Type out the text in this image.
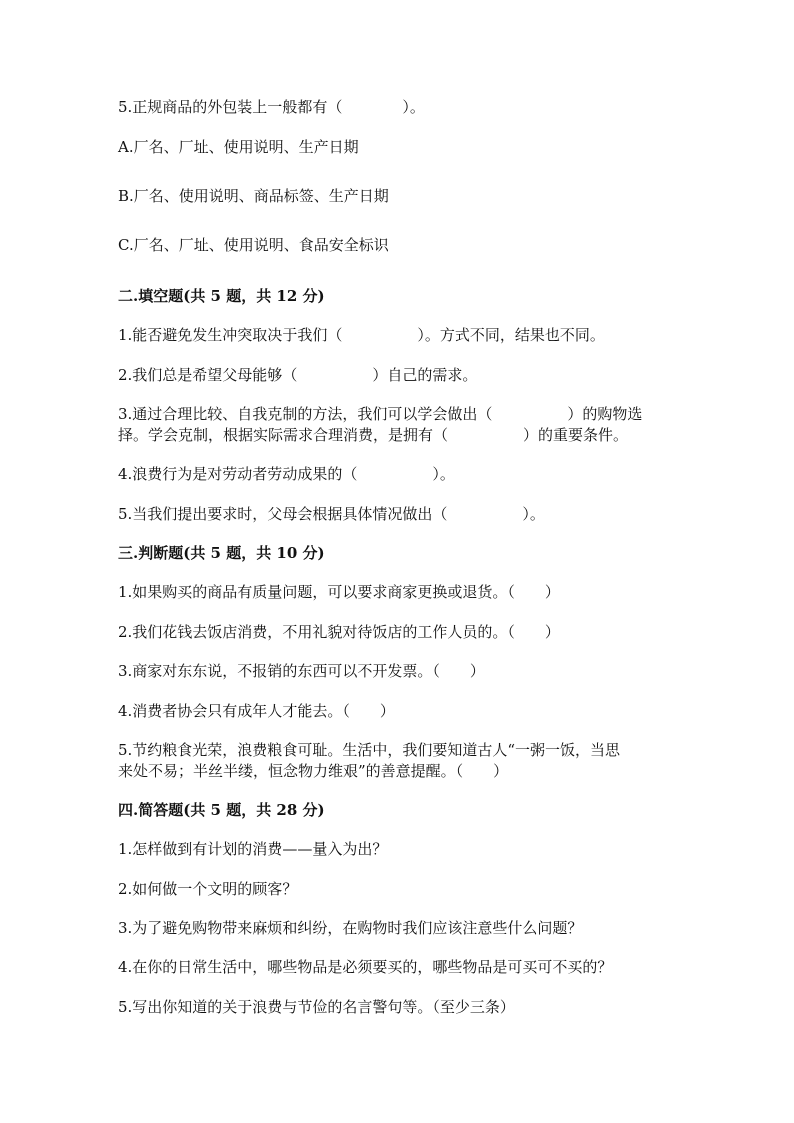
5.正规商品的外包装上一般都有（　　　　）。
A.厂名、厂址、使用说明、生产日期
B.厂名、使用说明、商品标签、生产日期
C.厂名、厂址、使用说明、食品安全标识
二.填空题(共 5 题，共 12 分)
1.能否避免发生冲突取决于我们（　　　　　）。方式不同，结果也不同。
2.我们总是希望父母能够（　　　　　）自己的需求。
3.通过合理比较、自我克制的方法，我们可以学会做出（　　　　　）的购物选
择。学会克制，根据实际需求合理消费，是拥有（　　　　　）的重要条件。
4.浪费行为是对劳动者劳动成果的（　　　　　）。
5.当我们提出要求时，父母会根据具体情况做出（　　　　　）。
三.判断题(共 5 题，共 10 分)
1.如果购买的商品有质量问题，可以要求商家更换或退货。（　　）
2.我们花钱去饭店消费，不用礼貌对待饭店的工作人员的。（　　）
3.商家对东东说，不报销的东西可以不开发票。（　　）
4.消费者协会只有成年人才能去。（　　）
5.节约粮食光荣，浪费粮食可耻。生活中，我们要知道古人“一粥一饭，当思
来处不易；半丝半缕，恒念物力维艰”的善意提醒。（　　）
四.简答题(共 5 题，共 28 分)
1.怎样做到有计划的消费——量入为出？
2.如何做一个文明的顾客？
3.为了避免购物带来麻烦和纠纷，在购物时我们应该注意些什么问题？
4.在你的日常生活中，哪些物品是必须要买的，哪些物品是可买可不买的？
5.写出你知道的关于浪费与节俭的名言警句等。（至少三条）
